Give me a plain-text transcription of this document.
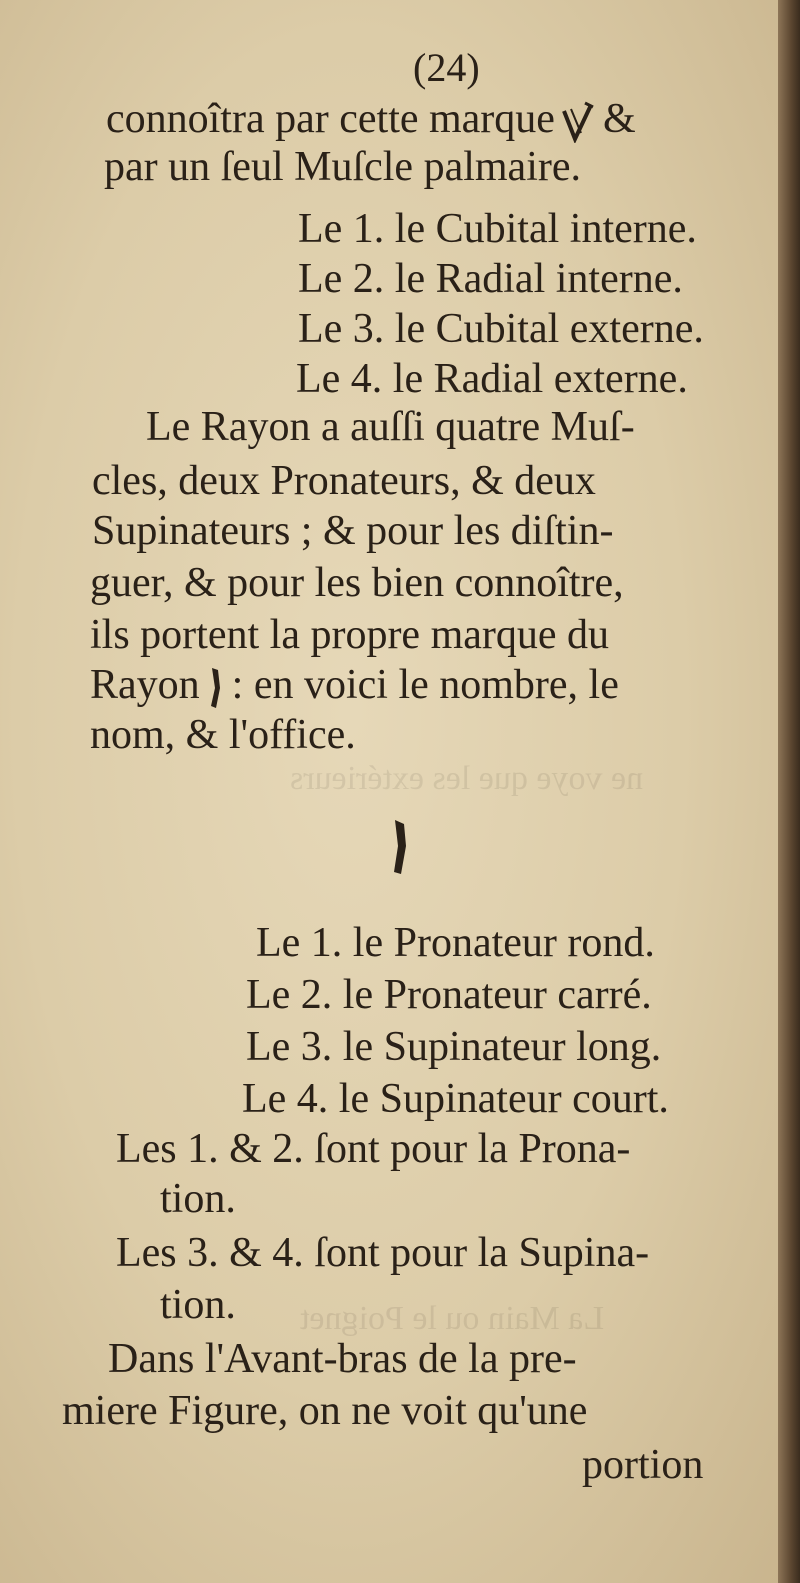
ne voye que les extérieurs
La Main ou le Poignet
(24)
connoîtra par cette marque &
par un ſeul Muſcle palmaire.
Le 1. le Cubital interne.
Le 2. le Radial interne.
Le 3. le Cubital externe.
Le 4. le Radial externe.
Le Rayon a auſſi quatre Muſ-
cles, deux Pronateurs, & deux
Supinateurs ; & pour les diſtin-
guer, & pour les bien connoître,
ils portent la propre marque du
Rayon : en voici le nombre, le
nom, & l'office.
Le 1. le Pronateur rond.
Le 2. le Pronateur carré.
Le 3. le Supinateur long.
Le 4. le Supinateur court.
Les 1. & 2. ſont pour la Prona-
tion.
Les 3. & 4. ſont pour la Supina-
tion.
Dans l'Avant-bras de la pre-
miere Figure, on ne voit qu'une
portion
